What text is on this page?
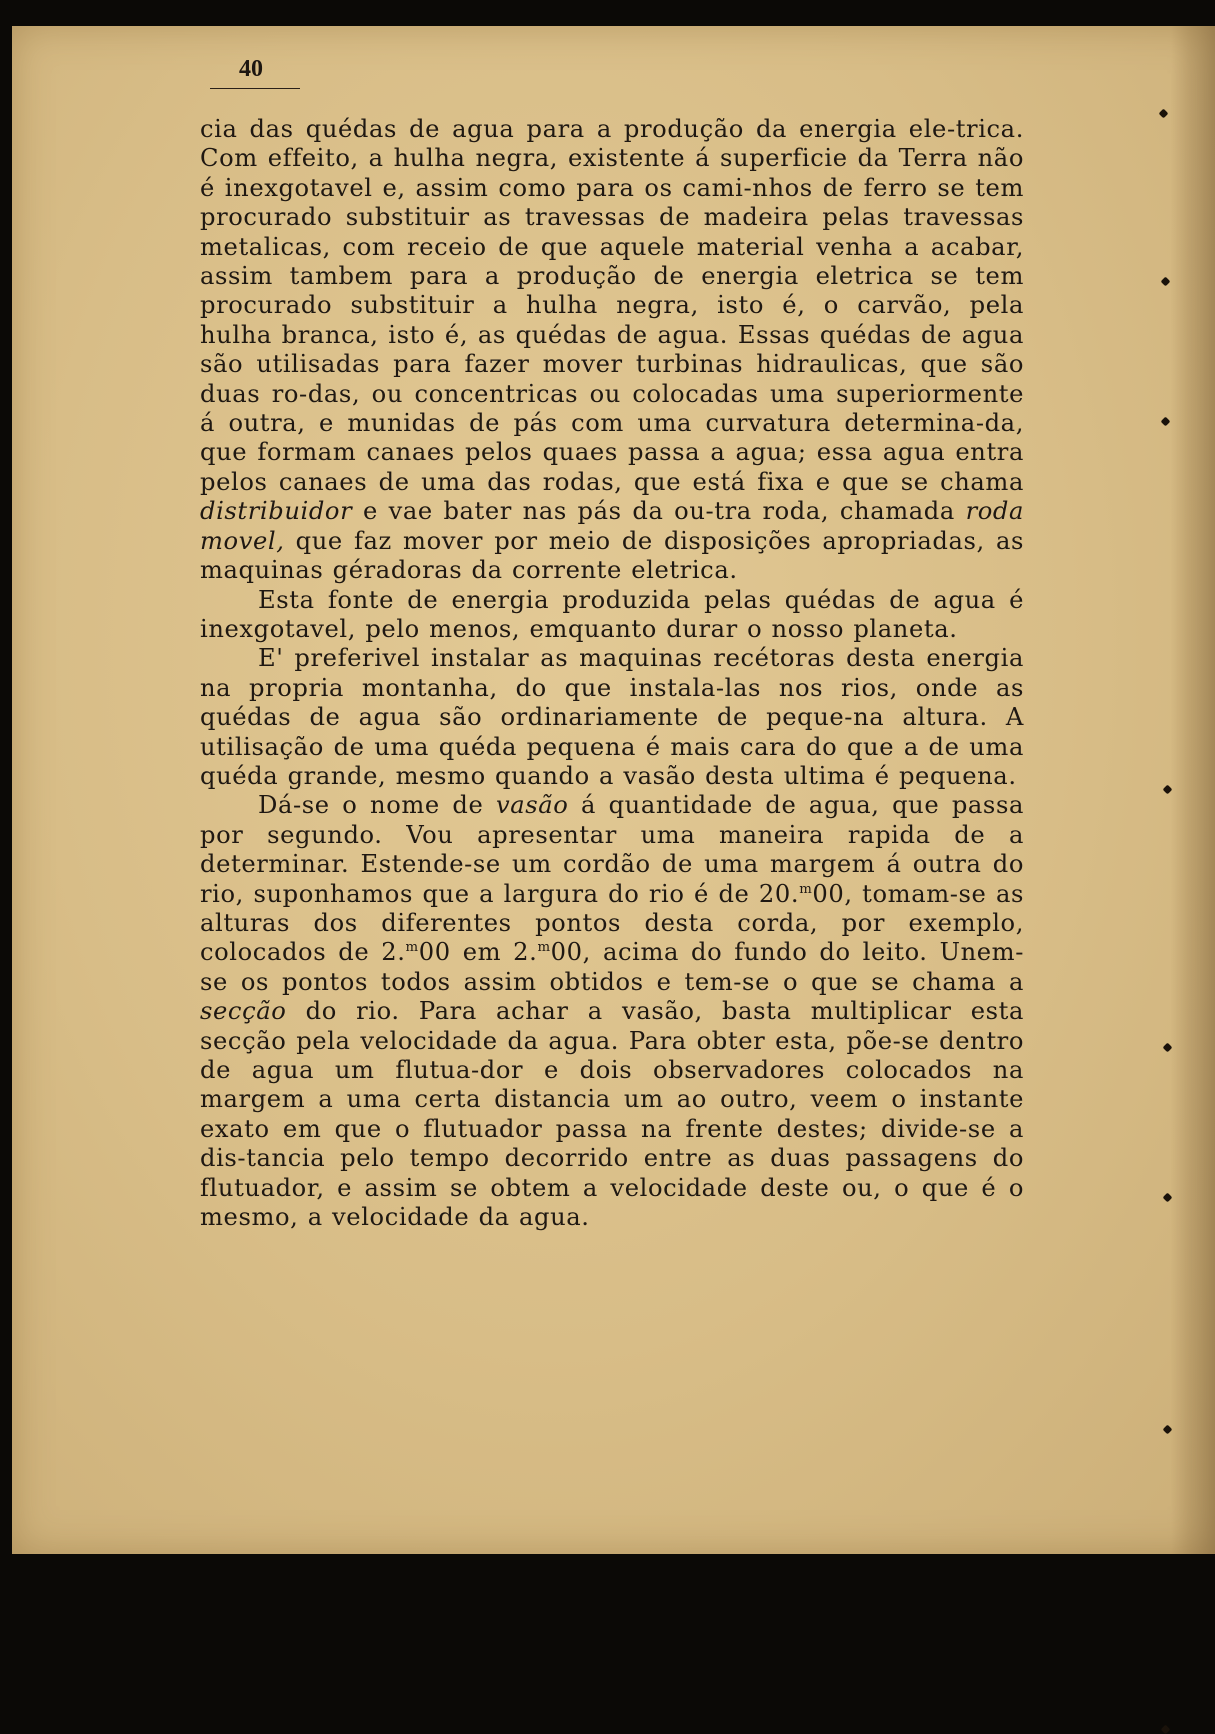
40

cia das quédas de agua para a produção da energia ele-trica. Com effeito, a hulha negra, existente á superficie da Terra não é inexgotavel e, assim como para os cami-nhos de ferro se tem procurado substituir as travessas de madeira pelas travessas metalicas, com receio de que aquele material venha a acabar, assim tambem para a produção de energia eletrica se tem procurado substituir a hulha negra, isto é, o carvão, pela hulha branca, isto é, as quédas de agua. Essas quédas de agua são utilisadas para fazer mover turbinas hidraulicas, que são duas ro-das, ou concentricas ou colocadas uma superiormente á outra, e munidas de pás com uma curvatura determina-da, que formam canaes pelos quaes passa a agua; essa agua entra pelos canaes de uma das rodas, que está fixa e que se chama distribuidor e vae bater nas pás da ou-tra roda, chamada roda movel, que faz mover por meio de disposições apropriadas, as maquinas géradoras da corrente eletrica.

Esta fonte de energia produzida pelas quédas de agua é inexgotavel, pelo menos, emquanto durar o nosso planeta.

E' preferivel instalar as maquinas recétoras desta energia na propria montanha, do que instala-las nos rios, onde as quédas de agua são ordinariamente de peque-na altura. A utilisação de uma quéda pequena é mais cara do que a de uma quéda grande, mesmo quando a vasão desta ultima é pequena.

Dá-se o nome de vasão á quantidade de agua, que passa por segundo. Vou apresentar uma maneira rapida de a determinar. Estende-se um cordão de uma margem á outra do rio, suponhamos que a largura do rio é de 20.$^m$00, tomam-se as alturas dos diferentes pontos desta corda, por exemplo, colocados de 2.$^m$00 em 2.$^m$00, acima do fundo do leito. Unem-se os pontos todos assim obtidos e tem-se o que se chama a secção do rio. Para achar a vasão, basta multiplicar esta secção pela velocidade da agua. Para obter esta, põe-se dentro de agua um flutua-dor e dois observadores colocados na margem a uma certa distancia um ao outro, veem o instante exato em que o flutuador passa na frente destes; divide-se a dis-tancia pelo tempo decorrido entre as duas passagens do flutuador, e assim se obtem a velocidade deste ou, o que é o mesmo, a velocidade da agua.
